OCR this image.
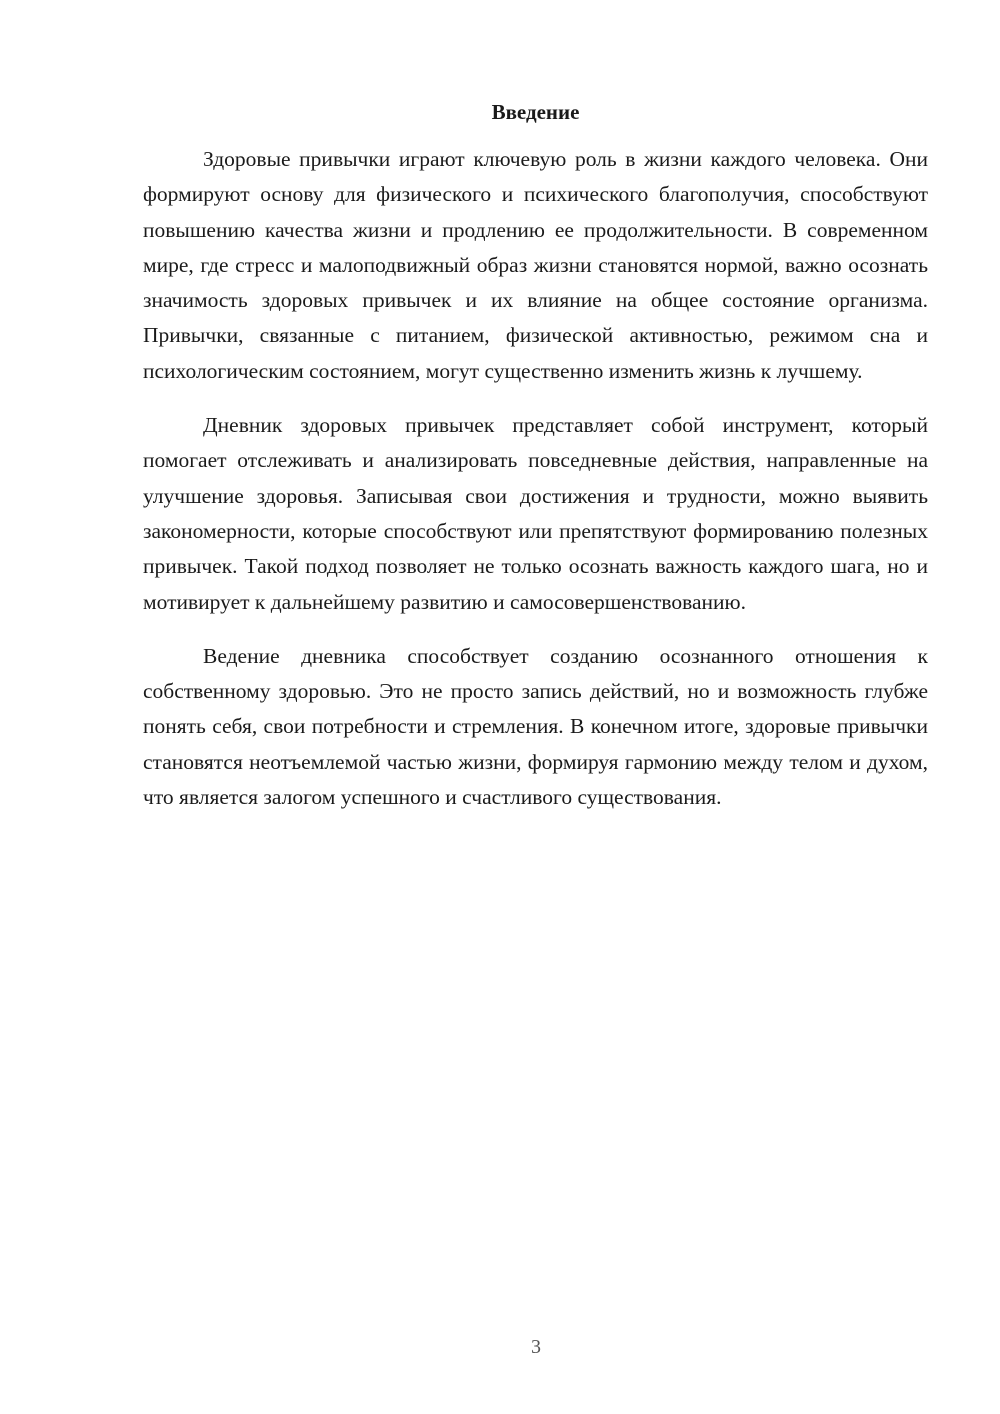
Введение

Здоровые привычки играют ключевую роль в жизни каждого человека. Они формируют основу для физического и психического благополучия, способствуют повышению качества жизни и продлению ее продолжительности. В современном мире, где стресс и малоподвижный образ жизни становятся нормой, важно осознать значимость здоровых привычек и их влияние на общее состояние организма. Привычки, связанные с питанием, физической активностью, режимом сна и психологическим состоянием, могут существенно изменить жизнь к лучшему.

Дневник здоровых привычек представляет собой инструмент, который помогает отслеживать и анализировать повседневные действия, направленные на улучшение здоровья. Записывая свои достижения и трудности, можно выявить закономерности, которые способствуют или препятствуют формированию полезных привычек. Такой подход позволяет не только осознать важность каждого шага, но и мотивирует к дальнейшему развитию и самосовершенствованию.

Ведение дневника способствует созданию осознанного отношения к собственному здоровью. Это не просто запись действий, но и возможность глубже понять себя, свои потребности и стремления. В конечном итоге, здоровые привычки становятся неотъемлемой частью жизни, формируя гармонию между телом и духом, что является залогом успешного и счастливого существования.

3
